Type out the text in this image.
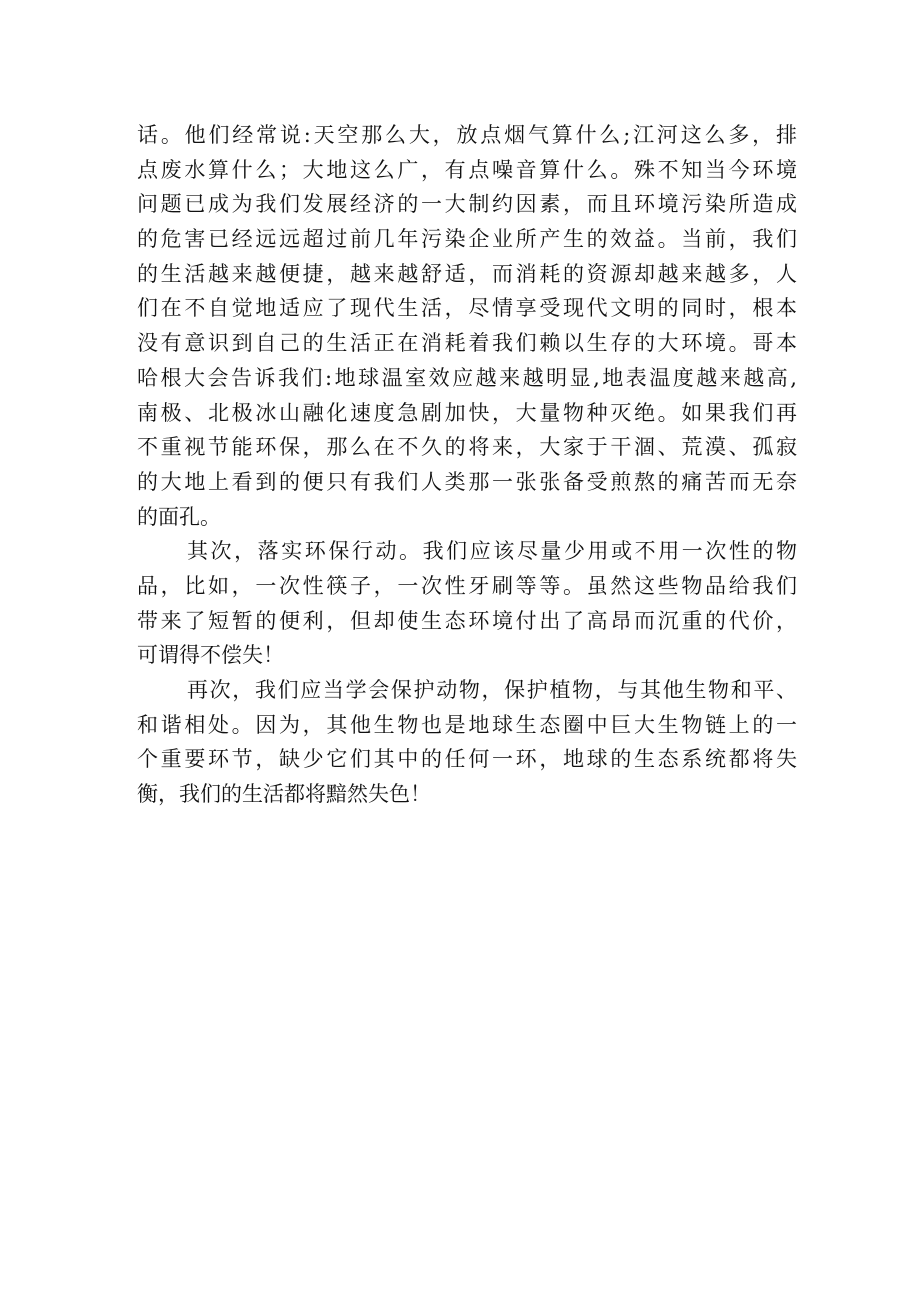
话。他们经常说:天空那么大，放点烟气算什么;江河这么多，排
点废水算什么；大地这么广，有点噪音算什么。殊不知当今环境
问题已成为我们发展经济的一大制约因素，而且环境污染所造成
的危害已经远远超过前几年污染企业所产生的效益。当前，我们
的生活越来越便捷，越来越舒适，而消耗的资源却越来越多，人
们在不自觉地适应了现代生活，尽情享受现代文明的同时，根本
没有意识到自己的生活正在消耗着我们赖以生存的大环境。哥本
哈根大会告诉我们:地球温室效应越来越明显,地表温度越来越高,
南极、北极冰山融化速度急剧加快，大量物种灭绝。如果我们再
不重视节能环保，那么在不久的将来，大家于干涸、荒漠、孤寂
的大地上看到的便只有我们人类那一张张备受煎熬的痛苦而无奈
的面孔。
其次，落实环保行动。我们应该尽量少用或不用一次性的物
品，比如，一次性筷子，一次性牙刷等等。虽然这些物品给我们
带来了短暂的便利，但却使生态环境付出了高昂而沉重的代价，
可谓得不偿失！
再次，我们应当学会保护动物，保护植物，与其他生物和平、
和谐相处。因为，其他生物也是地球生态圈中巨大生物链上的一
个重要环节，缺少它们其中的任何一环，地球的生态系统都将失
衡，我们的生活都将黯然失色！
